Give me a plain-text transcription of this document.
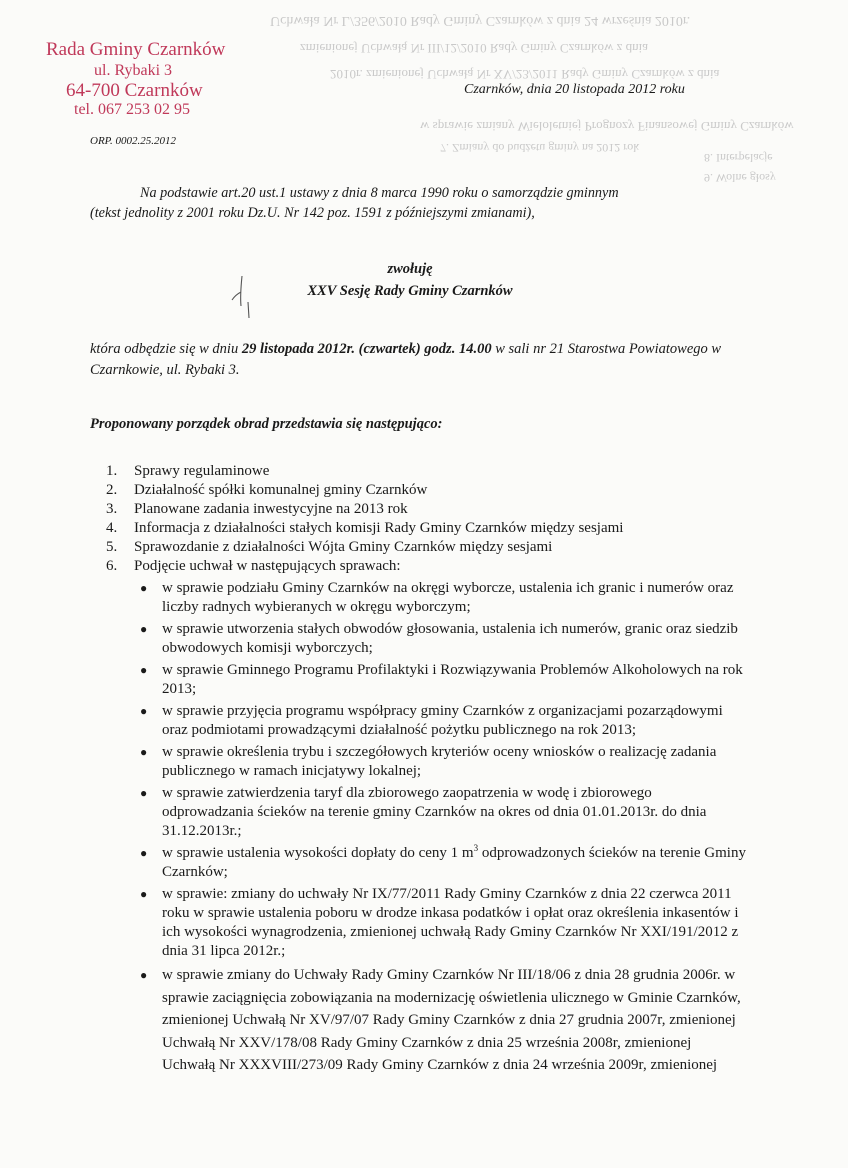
Uchwała Nr L/356/2010 Rady Gminy Czarnków z dnia 24 września 2010r.
zmienionej Uchwałą Nr III/12/2010 Rady Gminy Czarnków z dnia
2010r. zmienionej Uchwałą Nr XV/23/2011 Rady Gminy Czarnków z dnia
w sprawie zmiany Wieloletniej Prognozy Finansowej Gminy Czarnków
7. Zmiany do budżetu gminy na 2012 rok
8. Interpelacje
9. Wolne głosy
Rada Gminy Czarnków
ul. Rybaki 3
64-700 Czarnków
tel. 067 253 02 95
Czarnków, dnia 20 listopada 2012 roku
ORP. 0002.25.2012
Na podstawie art.20 ust.1 ustawy z dnia 8 marca 1990 roku o samorządzie gminnym
(tekst jednolity z 2001 roku Dz.U. Nr 142 poz. 1591 z późniejszymi zmianami),
zwołuję
XXV Sesję Rady Gminy Czarnków
która odbędzie się w dniu 29 listopada 2012r. (czwartek) godz. 14.00 w sali nr 21 Starostwa Powiatowego w Czarnkowie, ul. Rybaki 3.
Proponowany porządek obrad przedstawia się następująco:
1. Sprawy regulaminowe
2. Działalność spółki komunalnej gminy Czarnków
3. Planowane zadania inwestycyjne na 2013 rok
4. Informacja z działalności stałych komisji Rady Gminy Czarnków między sesjami
5. Sprawozdanie z działalności Wójta Gminy Czarnków między sesjami
6. Podjęcie uchwał w następujących sprawach:
● w sprawie podziału Gminy Czarnków na okręgi wyborcze, ustalenia ich granic i numerów oraz liczby radnych wybieranych w okręgu wyborczym;
● w sprawie utworzenia stałych obwodów głosowania, ustalenia ich numerów, granic oraz siedzib obwodowych komisji wyborczych;
● w sprawie Gminnego Programu Profilaktyki i Rozwiązywania Problemów Alkoholowych na rok 2013;
● w sprawie przyjęcia programu współpracy gminy Czarnków z organizacjami pozarządowymi oraz podmiotami prowadzącymi działalność pożytku publicznego na rok 2013;
● w sprawie określenia trybu i szczegółowych kryteriów oceny wniosków o realizację zadania publicznego w ramach inicjatywy lokalnej;
● w sprawie zatwierdzenia taryf dla zbiorowego zaopatrzenia w wodę i zbiorowego odprowadzania ścieków na terenie gminy Czarnków na okres od dnia 01.01.2013r. do dnia 31.12.2013r.;
● w sprawie ustalenia wysokości dopłaty do ceny 1 $m^3$ odprowadzonych ścieków na terenie Gminy Czarnków;
● w sprawie: zmiany do uchwały Nr IX/77/2011 Rady Gminy Czarnków z dnia 22 czerwca 2011 roku w sprawie ustalenia poboru w drodze inkasa podatków i opłat oraz określenia inkasentów i ich wysokości wynagrodzenia, zmienionej uchwałą Rady Gminy Czarnków Nr XXI/191/2012 z dnia 31 lipca 2012r.;
● w sprawie zmiany do Uchwały Rady Gminy Czarnków Nr III/18/06 z dnia 28 grudnia 2006r. w sprawie zaciągnięcia zobowiązania na modernizację oświetlenia ulicznego w Gminie Czarnków, zmienionej Uchwałą Nr XV/97/07 Rady Gminy Czarnków z dnia 27 grudnia 2007r, zmienionej Uchwałą Nr XXV/178/08 Rady Gminy Czarnków z dnia 25 września 2008r, zmienionej Uchwałą Nr XXXVIII/273/09 Rady Gminy Czarnków z dnia 24 września 2009r, zmienionej
